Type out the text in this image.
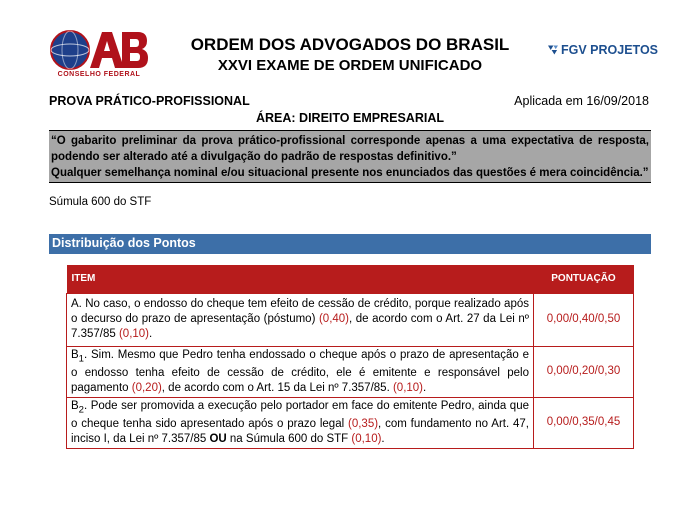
CONSELHO FEDERAL
ORDEM DOS ADVOGADOS DO BRASIL
XXVI EXAME DE ORDEM UNIFICADO
FGV PROJETOS
PROVA PRÁTICO-PROFISSIONAL	Aplicada em 16/09/2018
ÁREA: DIREITO EMPRESARIAL

“O gabarito preliminar da prova prático-profissional corresponde apenas a uma expectativa de resposta, podendo ser alterado até a divulgação do padrão de respostas definitivo.”

Qualquer semelhança nominal e/ou situacional presente nos enunciados das questões é mera coincidência.”

Súmula 600 do STF
Distribuição dos Pontos
ITEM	PONTUAÇÃO
A. No caso, o endosso do cheque tem efeito de cessão de crédito, porque realizado após o decurso do prazo de apresentação (póstumo) (0,40), de acordo com o Art. 27 da Lei nº 7.357/85 (0,10).	0,00/0,40/0,50
$B_1$. Sim. Mesmo que Pedro tenha endossado o cheque após o prazo de apresentação e o endosso tenha efeito de cessão de crédito, ele é emitente e responsável pelo pagamento (0,20), de acordo com o Art. 15 da Lei nº 7.357/85. (0,10).	0,00/0,20/0,30
$B_2$. Pode ser promovida a execução pelo portador em face do emitente Pedro, ainda que o cheque tenha sido apresentado após o prazo legal (0,35), com fundamento no Art. 47, inciso I, da Lei nº 7.357/85 OU na Súmula 600 do STF (0,10).	0,00/0,35/0,45
